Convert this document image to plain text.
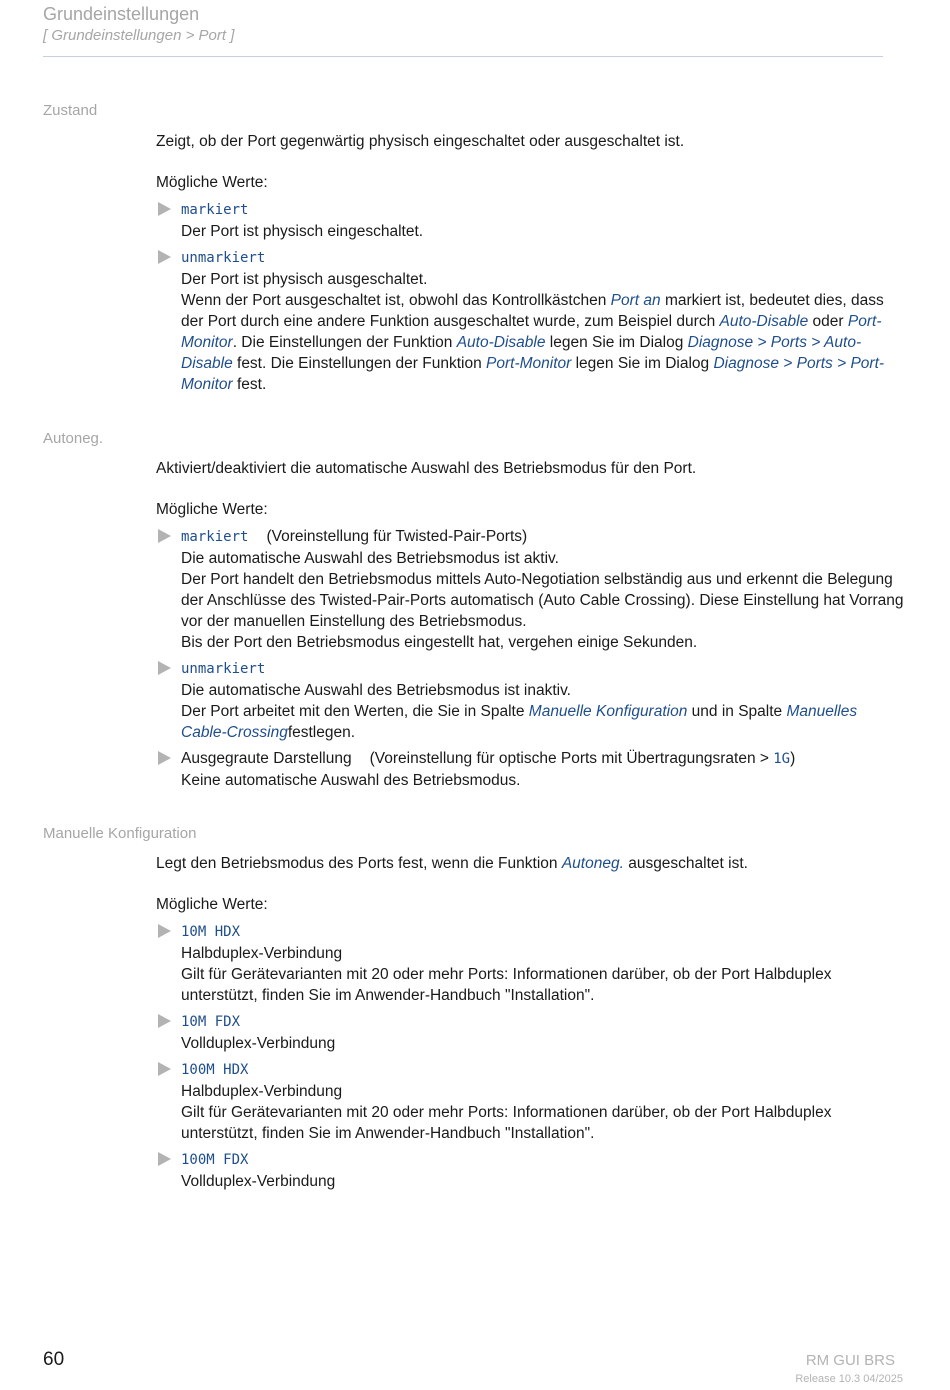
Grundeinstellungen
[ Grundeinstellungen > Port ]
Zustand

Zeigt, ob der Port gegenwärtig physisch eingeschaltet oder ausgeschaltet ist.

Mögliche Werte:

markiert
Der Port ist physisch eingeschaltet.
unmarkiert
Der Port ist physisch ausgeschaltet.
Wenn der Port ausgeschaltet ist, obwohl das Kontrollkästchen Port an markiert ist, bedeutet dies, dass der Port durch eine andere Funktion ausgeschaltet wurde, zum Beispiel durch Auto-Disable oder Port-Monitor. Die Einstellungen der Funktion Auto-Disable legen Sie im Dialog Diagnose > Ports > Auto-Disable fest. Die Einstellungen der Funktion Port-Monitor legen Sie im Dialog Diagnose > Ports > Port-Monitor fest.
Autoneg.

Aktiviert/deaktiviert die automatische Auswahl des Betriebsmodus für den Port.

Mögliche Werte:

markiert (Voreinstellung für Twisted-Pair-Ports)
Die automatische Auswahl des Betriebsmodus ist aktiv.
Der Port handelt den Betriebsmodus mittels Auto-Negotiation selbständig aus und erkennt die Belegung der Anschlüsse des Twisted-Pair-Ports automatisch (Auto Cable Crossing). Diese Einstellung hat Vorrang vor der manuellen Einstellung des Betriebsmodus.
Bis der Port den Betriebsmodus eingestellt hat, vergehen einige Sekunden.
unmarkiert
Die automatische Auswahl des Betriebsmodus ist inaktiv.
Der Port arbeitet mit den Werten, die Sie in Spalte Manuelle Konfiguration und in Spalte Manuelles Cable-Crossingfestlegen.
Ausgegraute Darstellung (Voreinstellung für optische Ports mit Übertragungsraten > 1G)
Keine automatische Auswahl des Betriebsmodus.
Manuelle Konfiguration

Legt den Betriebsmodus des Ports fest, wenn die Funktion Autoneg. ausgeschaltet ist.

Mögliche Werte:

10M HDX
Halbduplex-Verbindung
Gilt für Gerätevarianten mit 20 oder mehr Ports: Informationen darüber, ob der Port Halbduplex unterstützt, finden Sie im Anwender-Handbuch "Installation".
10M FDX
Vollduplex-Verbindung
100M HDX
Halbduplex-Verbindung
Gilt für Gerätevarianten mit 20 oder mehr Ports: Informationen darüber, ob der Port Halbduplex unterstützt, finden Sie im Anwender-Handbuch "Installation".
100M FDX
Vollduplex-Verbindung
60	RM GUI BRS
Release 10.3 04/2025
